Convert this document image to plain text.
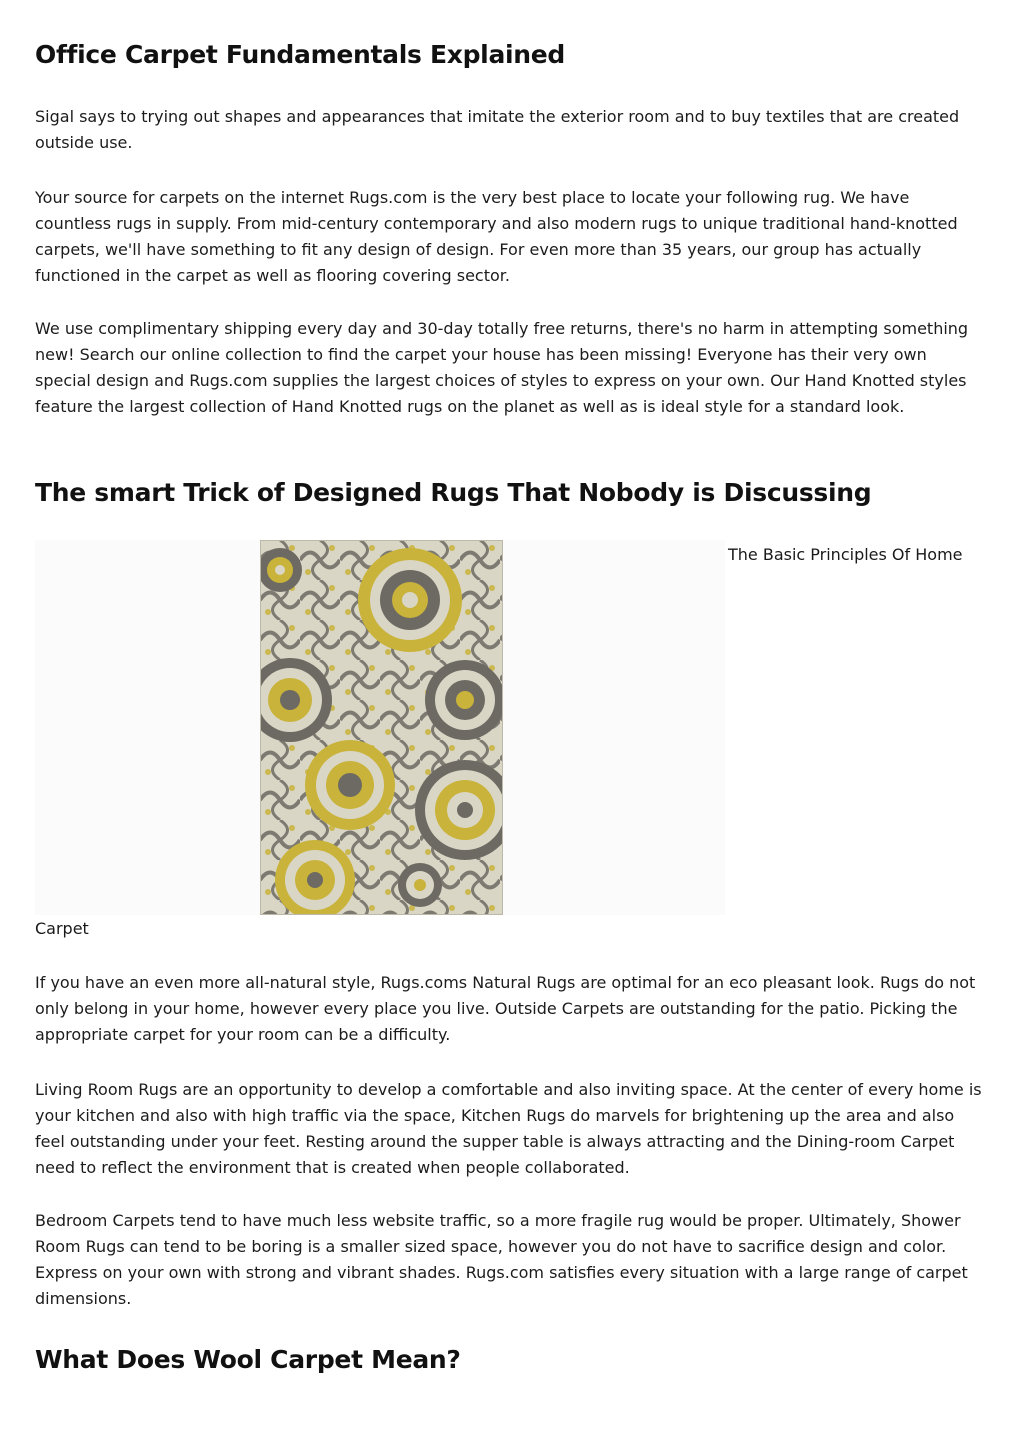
Office Carpet Fundamentals Explained

Sigal says to trying out shapes and appearances that imitate the exterior room and to buy textiles that are created outside use.

Your source for carpets on the internet Rugs.com is the very best place to locate your following rug. We have countless rugs in supply. From mid-century contemporary and also modern rugs to unique traditional hand-knotted carpets, we'll have something to fit any design of design. For even more than 35 years, our group has actually functioned in the carpet as well as flooring covering sector.

We use complimentary shipping every day and 30-day totally free returns, there's no harm in attempting something new! Search our online collection to find the carpet your house has been missing! Everyone has their very own special design and Rugs.com supplies the largest choices of styles to express on your own. Our Hand Knotted styles feature the largest collection of Hand Knotted rugs on the planet as well as is ideal style for a standard look.

The smart Trick of Designed Rugs That Nobody is Discussing
The Basic Principles Of Home
Carpet

If you have an even more all-natural style, Rugs.coms Natural Rugs are optimal for an eco pleasant look. Rugs do not only belong in your home, however every place you live. Outside Carpets are outstanding for the patio. Picking the appropriate carpet for your room can be a difficulty.

Living Room Rugs are an opportunity to develop a comfortable and also inviting space. At the center of every home is your kitchen and also with high traffic via the space, Kitchen Rugs do marvels for brightening up the area and also feel outstanding under your feet. Resting around the supper table is always attracting and the Dining-room Carpet need to reflect the environment that is created when people collaborated.

Bedroom Carpets tend to have much less website traffic, so a more fragile rug would be proper. Ultimately, Shower Room Rugs can tend to be boring is a smaller sized space, however you do not have to sacrifice design and color. Express on your own with strong and vibrant shades. Rugs.com satisfies every situation with a large range of carpet dimensions.

What Does Wool Carpet Mean?
